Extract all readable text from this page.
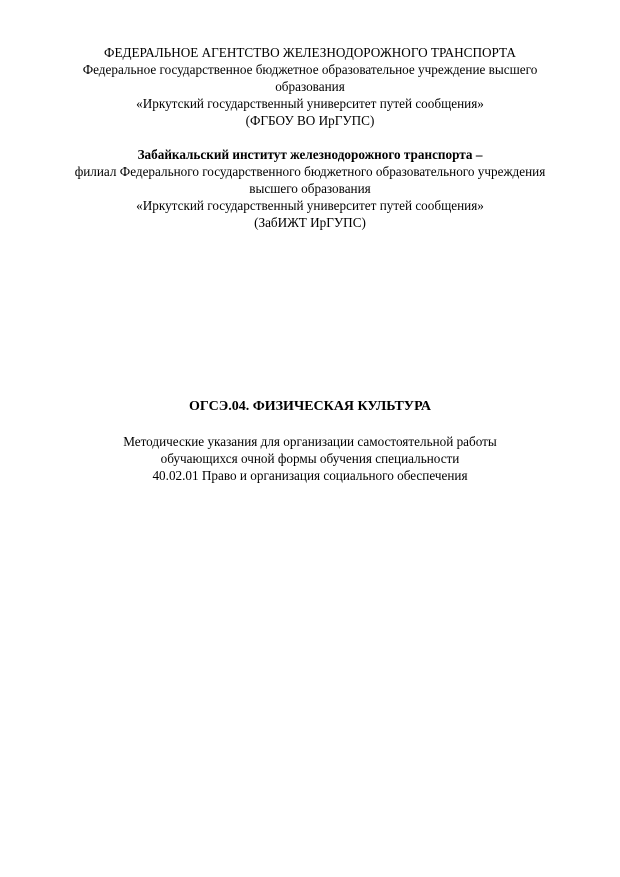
ФЕДЕРАЛЬНОЕ АГЕНТСТВО ЖЕЛЕЗНОДОРОЖНОГО ТРАНСПОРТА
Федеральное государственное бюджетное образовательное учреждение высшего
образования
«Иркутский государственный университет путей сообщения»
(ФГБОУ ВО ИрГУПС)
Забайкальский институт железнодорожного транспорта –
филиал Федерального государственного бюджетного образовательного учреждения
высшего образования
«Иркутский государственный университет путей сообщения»
(ЗабИЖТ ИрГУПС)
ОГСЭ.04. ФИЗИЧЕСКАЯ КУЛЬТУРА
Методические указания для организации самостоятельной работы
обучающихся очной формы обучения специальности
40.02.01 Право и организация социального обеспечения
